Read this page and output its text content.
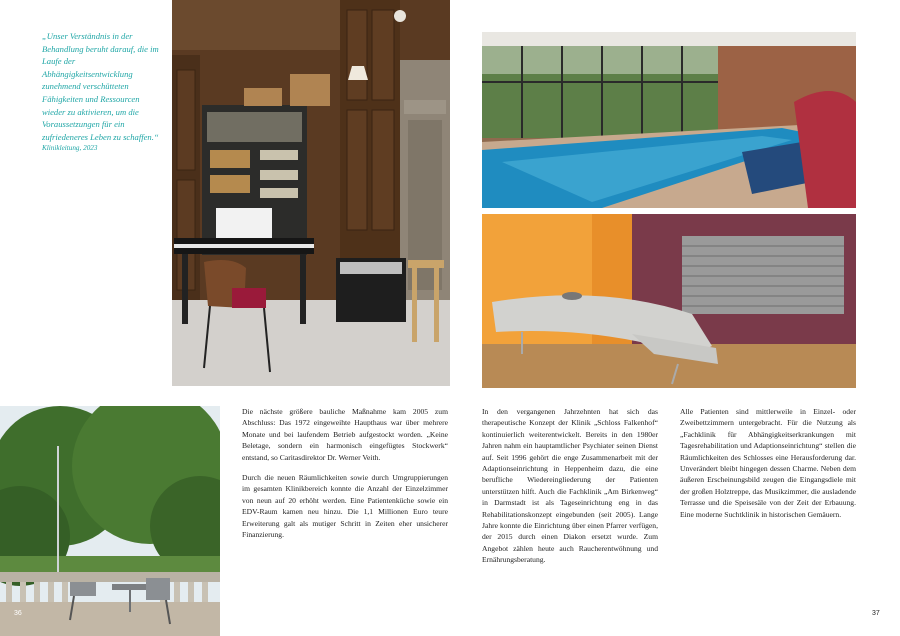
„Unser Verständnis in der Behandlung beruht darauf, die im Laufe der Abhängigkeitsentwicklung zunehmend verschütteten Fähigkeiten und Ressourcen wieder zu aktivieren, um die Voraussetzungen für ein zufriedeneres Leben zu schaffen.“
Klinikleitung, 2023

Die nächste größere bauliche Maßnahme kam 2005 zum Abschluss: Das 1972 eingeweihte Haupthaus war über mehrere Monate und bei laufendem Betrieb aufgestockt worden. „Keine Beletage, sondern ein harmonisch eingefügtes Stockwerk“ entstand, so Caritasdirektor Dr. Werner Veith.

Durch die neuen Räumlichkeiten sowie durch Umgruppierungen im gesamten Klinikbereich konnte die Anzahl der Einzelzimmer von neun auf 20 erhöht werden. Eine Patientenküche sowie ein EDV-Raum kamen neu hinzu. Die 1,1 Millionen Euro teure Erweiterung galt als mutiger Schritt in Zeiten eher unsicherer Finanzierung.

In den vergangenen Jahrzehnten hat sich das therapeutische Konzept der Klinik „Schloss Falkenhof“ kontinuierlich weiterentwickelt. Bereits in den 1980er Jahren nahm ein hauptamtlicher Psychiater seinen Dienst auf. Seit 1996 gehört die enge Zusammenarbeit mit der Adaptionseinrichtung in Heppenheim dazu, die eine berufliche Wiedereingliederung der Patienten unterstützen hilft. Auch die Fachklinik „Am Birkenweg“ in Darmstadt ist als Tageseinrichtung eng in das Rehabilitationskonzept eingebunden (seit 2005). Lange Jahre konnte die Einrichtung über einen Pfarrer verfügen, der 2015 durch einen Diakon ersetzt wurde. Zum Angebot zählen heute auch Raucherentwöhnung und Ernährungsberatung.

Alle Patienten sind mittlerweile in Einzel- oder Zweibettzimmern untergebracht. Für die Nutzung als „Fachklinik für Abhängigkeitserkrankungen mit Tagesrehabilitation und Adaptionseinrichtung“ stellen die Räumlichkeiten des Schlosses eine Herausforderung dar. Unverändert bleibt hingegen dessen Charme. Neben dem äußeren Erscheinungsbild zeugen die Eingangsdiele mit der großen Holztreppe, das Musikzimmer, die ausladende Terrasse und die Speisesäle von der Zeit der Erbauung. Eine moderne Suchtklinik in historischen Gemäuern.

36	37
